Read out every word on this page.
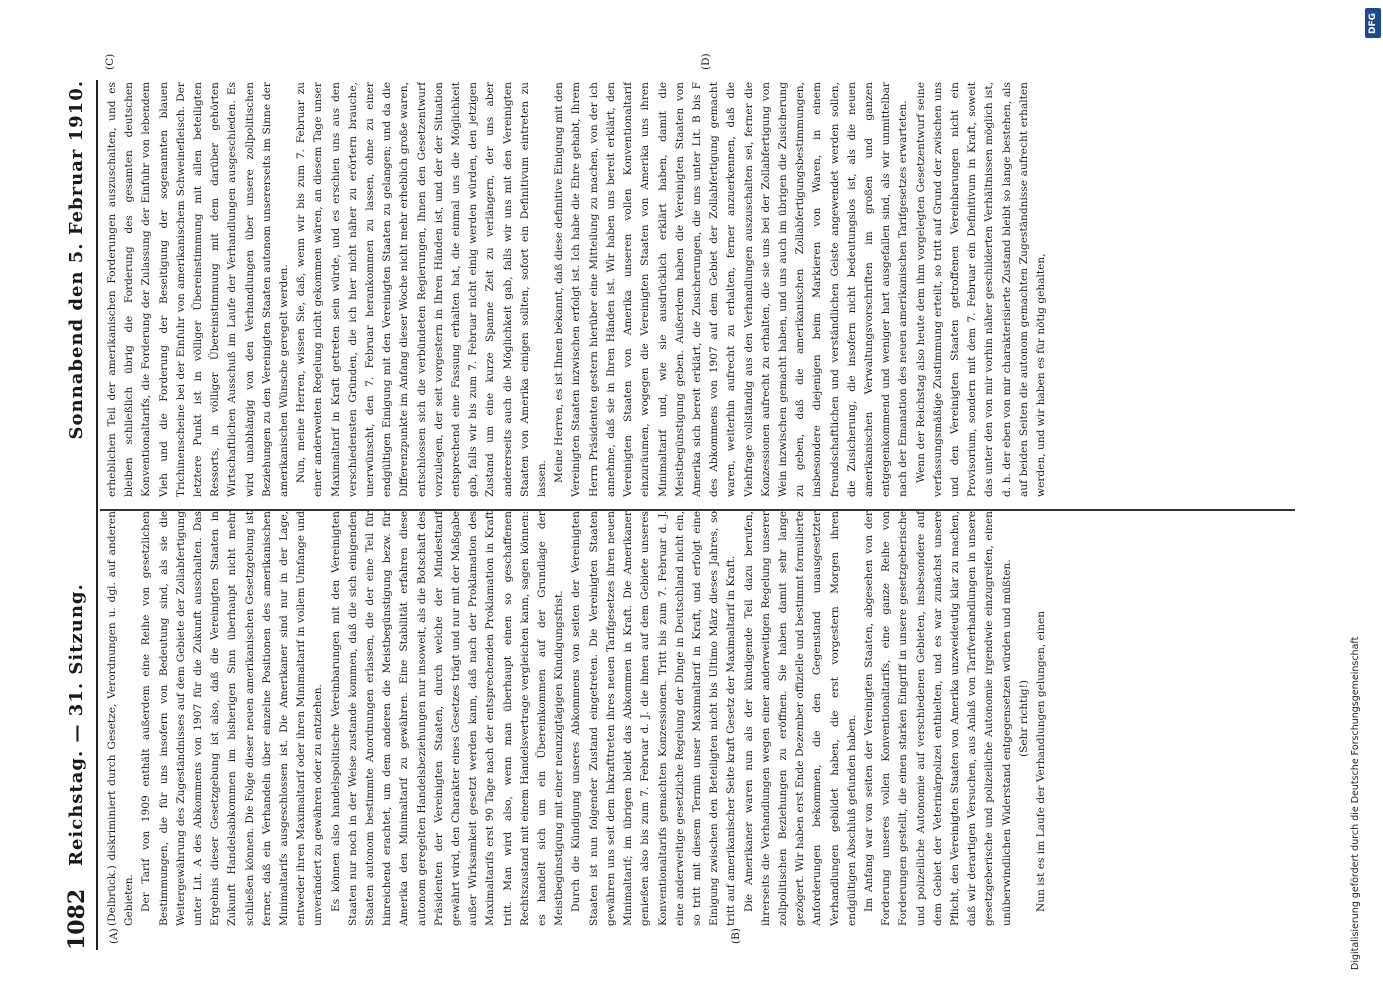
1082
Reichstag. — 31. Sitzung.
Sonnabend den 5. Februar 1910.
(A)	(B)
(C)	(D)

(Delbrück.) diskriminiert durch Gesetze, Verordnungen u. dgl. auf anderen Gebieten. Der Tarif von 1909 enthält außerdem eine Reihe von gesetzlichen Bestimmungen, die für uns insofern von Bedeutung sind, als sie die Weitergewährung des Zugeständnisses auf dem Gebiete der Zollabfertigung unter Lit. A des Abkommens von 1907 für die Zukunft ausschalten. Das Ergebnis dieser Gesetzgebung ist also, daß die Vereinigten Staaten in Zukunft Handelsabkommen im bisherigen Sinn überhaupt nicht mehr schließen können. Die Folge dieser neuen amerikanischen Gesetzgebung ist ferner, daß ein Verhandeln über einzelne Positionen des amerikanischen Minimaltarifs ausgeschlossen ist. Die Amerikaner sind nur in der Lage, entweder ihren Maximaltarif oder ihren Minimaltarif in vollem Umfange und unverändert zu gewähren oder zu entziehen. Es können also handelspolitische Vereinbarungen mit den Vereinigten Staaten nur noch in der Weise zustande kommen, daß die sich einigenden Staaten autonom bestimmte Anordnungen erlassen, die der eine Teil für hinreichend erachtet, um dem anderen die Meistbegünstigung bezw. für Amerika den Minimaltarif zu gewähren. Eine Stabilität erfahren diese autonom geregelten Handelsbeziehungen nur insoweit, als die Botschaft des Präsidenten der Vereinigten Staaten, durch welche der Mindesttarif gewährt wird, den Charakter eines Gesetzes trägt und nur mit der Maßgabe außer Wirksamkeit gesetzt werden kann, daß nach der Proklamation des Maximaltarifs erst 90 Tage nach der entsprechenden Proklamation in Kraft tritt. Man wird also, wenn man überhaupt einen so geschaffenen Rechtszustand mit einem Handelsvertrage vergleichen kann, sagen können: es handelt sich um ein Übereinkommen auf der Grundlage der Meistbegünstigung mit einer neunzigtägigen Kündigungsfrist. Durch die Kündigung unseres Abkommens von seiten der Vereinigten Staaten ist nun folgender Zustand eingetreten. Die Vereinigten Staaten gewähren uns seit dem Inkrafttreten ihres neuen Tarifgesetzes ihren neuen Minimaltarif; im übrigen bleibt das Abkommen in Kraft. Die Amerikaner genießen also bis zum 7. Februar d. J. die ihnen auf dem Gebiete unseres Konventionaltarifs gemachten Konzessionen. Tritt bis zum 7. Februar d. J. eine anderweitige gesetzliche Regelung der Dinge in Deutschland nicht ein, so tritt mit diesem Termin unser Maximaltarif in Kraft, und erfolgt eine Einigung zwischen den Beteiligten nicht bis Ultimo März dieses Jahres, so tritt auf amerikanischer Seite kraft Gesetz der Maximaltarif in Kraft. Die Amerikaner waren nun als der kündigende Teil dazu berufen, ihrerseits die Verhandlungen wegen einer anderweitigen Regelung unserer zollpolitischen Beziehungen zu eröffnen. Sie haben damit sehr lange gezögert. Wir haben erst Ende Dezember offizielle und bestimmt formulierte Anforderungen bekommen, die den Gegenstand unausgesetzter Verhandlungen gebildet haben, die erst vorgestern Morgen ihren endgültigen Abschluß gefunden haben. Im Anfang war von seiten der Vereinigten Staaten, abgesehen von der Forderung unseres vollen Konventionaltarifs, eine ganze Reihe von Forderungen gestellt, die einen starken Eingriff in unsere gesetzgeberische und polizeiliche Autonomie auf verschiedenen Gebieten, insbesondere auf dem Gebiet der Veterinärpolizei enthielten, und es war zunächst unsere Pflicht, den Vereinigten Staaten von Amerika unzweideutig klar zu machen, daß wir derartigen Versuchen, aus Anlaß von Tarifverhandlungen in unsere gesetzgeberische und polizeiliche Autonomie irgendwie einzugreifen, einen unüberwindlichen Widerstand entgegensetzen würden und müßten. (Sehr richtig!) Nun ist es im Laufe der Verhandlungen gelungen, einen

erheblichen Teil der amerikanischen Forderungen auszuschalten, und es bleiben schließlich übrig die Forderung des gesamten deutschen Konventionaltarifs, die Forderung der Zulassung der Einfuhr von lebendem Vieh und die Forderung der Beseitigung der sogenannten blauen Trichinenscheine bei der Einfuhr von amerikanischem Schweinefleisch. Der letztere Punkt ist in völliger Übereinstimmung mit allen beteiligten Ressorts, in völliger Übereinstimmung mit dem darüber gehörten Wirtschaftlichen Ausschuß im Laufe der Verhandlungen ausgeschieden. Es wird unabhängig von den Verhandlungen über unsere zollpolitischen Beziehungen zu den Vereinigten Staaten autonom unsererseits im Sinne der amerikanischen Wünsche geregelt werden. Nun, meine Herren, wissen Sie, daß, wenn wir bis zum 7. Februar zu einer anderweiten Regelung nicht gekommen wären, an diesem Tage unser Maximaltarif in Kraft getreten sein würde, und es erschien uns aus den verschiedensten Gründen, die ich hier nicht näher zu erörtern brauche, unerwünscht, den 7. Februar herankommen zu lassen, ohne zu einer endgültigen Einigung mit den Vereinigten Staaten zu gelangen; und da die Differenzpunkte im Anfang dieser Woche nicht mehr erheblich große waren, entschlossen sich die verbündeten Regierungen, Ihnen den Gesetzentwurf vorzulegen, der seit vorgestern in Ihren Händen ist, und der der Situation entsprechend eine Fassung erhalten hat, die einmal uns die Möglichkeit gab, falls wir bis zum 7. Februar nicht einig werden würden, den jetzigen Zustand um eine kurze Spanne Zeit zu verlängern, der uns aber andererseits auch die Möglichkeit gab, falls wir uns mit den Vereinigten Staaten von Amerika einigen sollten, sofort ein Definitivum eintreten zu lassen. Meine Herren, es ist Ihnen bekannt, daß diese definitive Einigung mit den Vereinigten Staaten inzwischen erfolgt ist. Ich habe die Ehre gehabt, Ihrem Herrn Präsidenten gestern hierüber eine Mitteilung zu machen, von der ich annehme, daß sie in Ihren Händen ist. Wir haben uns bereit erklärt, den Vereinigten Staaten von Amerika unseren vollen Konventionaltarif einzuräumen, wogegen die Vereinigten Staaten von Amerika uns ihren Minimaltarif und, wie sie ausdrücklich erklärt haben, damit die Meistbegünstigung geben. Außerdem haben die Vereinigten Staaten von Amerika sich bereit erklärt, die Zusicherungen, die uns unter Lit. B bis F des Abkommens von 1907 auf dem Gebiet der Zollabfertigung gemacht waren, weiterhin aufrecht zu erhalten, ferner anzuerkennen, daß die Viehfrage vollständig aus den Verhandlungen auszuschalten sei, ferner die Konzessionen aufrecht zu erhalten, die sie uns bei der Zollabfertigung von Wein inzwischen gemacht haben, und uns auch im übrigen die Zusicherung zu geben, daß die amerikanischen Zollabfertigungsbestimmungen, insbesondere diejenigen beim Markieren von Waren, in einem freundschaftlichen und verständlichen Geiste angewendet werden sollen, die Zusicherung, die insofern nicht bedeutungslos ist, als die neuen amerikanischen Verwaltungsvorschriften im großen und ganzen entgegenkommend und weniger hart ausgefallen sind, als wir unmittelbar nach der Emanation des neuen amerikanischen Tarifgesetzes erwarteten. Wenn der Reichstag also heute dem ihm vorgelegten Gesetzentwurf seine verfassungsmäßige Zustimmung erteilt, so tritt auf Grund der zwischen uns und den Vereinigten Staaten getroffenen Vereinbarungen nicht ein Provisorium, sondern mit dem 7. Februar ein Definitivum in Kraft, soweit das unter den von mir vorhin näher geschilderten Verhältnissen möglich ist, d. h. der eben von mir charakterisierte Zustand bleibt so lange bestehen, als auf beiden Seiten die autonom gemachten Zugeständnisse aufrecht erhalten werden, und wir haben es für nötig gehalten,

Digitalisierung gefördert durch die Deutsche Forschungsgemeinschaft
DFG
